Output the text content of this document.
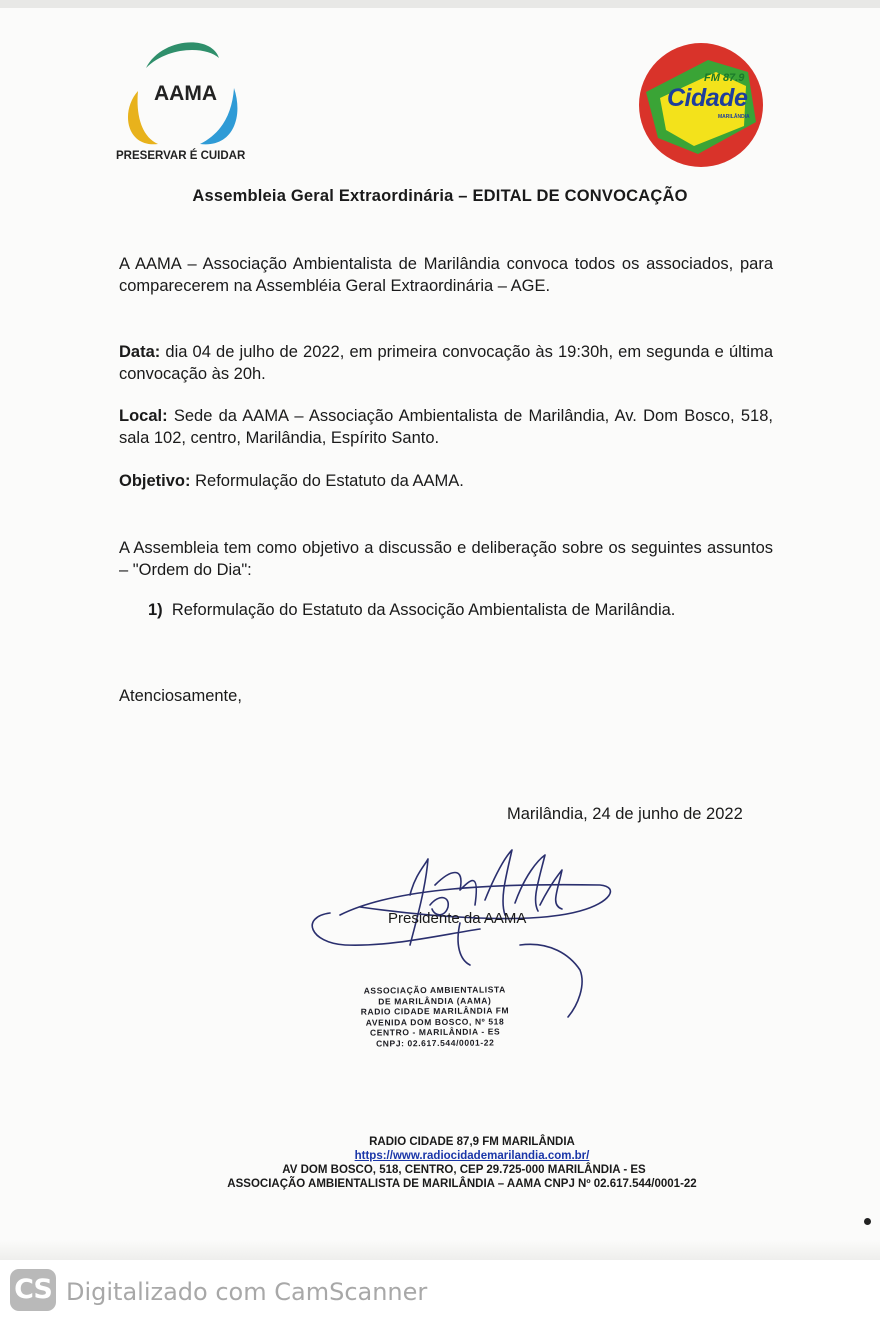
AAMA
PRESERVAR É CUIDAR
FM 87.9
Cidade
MARILÂNDIA
Assembleia Geral Extraordinária – EDITAL DE CONVOCAÇÃO
A AAMA – Associação Ambientalista de Marilândia convoca todos os associados, para comparecerem na Assembléia Geral Extraordinária – AGE.
Data: dia 04 de julho de 2022, em primeira convocação às 19:30h, em segunda e última convocação às 20h.
Local: Sede da AAMA – Associação Ambientalista de Marilândia, Av. Dom Bosco, 518, sala 102, centro, Marilândia, Espírito Santo.
Objetivo: Reformulação do Estatuto da AAMA.
A Assembleia tem como objetivo a discussão e deliberação sobre os seguintes assuntos – "Ordem do Dia":
1) Reformulação do Estatuto da Associção Ambientalista de Marilândia.
Atenciosamente,
Marilândia, 24 de junho de 2022
Presidente da AAMA
ASSOCIAÇÃO AMBIENTALISTA
DE MARILÂNDIA (AAMA)
RADIO CIDADE MARILÂNDIA FM
AVENIDA DOM BOSCO, Nº 518
CENTRO - MARILÂNDIA - ES
CNPJ: 02.617.544/0001-22
RADIO CIDADE 87,9 FM MARILÂNDIA
https://www.radiocidademarilandia.com.br/
AV DOM BOSCO, 518, CENTRO, CEP 29.725-000 MARILÂNDIA - ES
ASSOCIAÇÃO AMBIENTALISTA DE MARILÂNDIA – AAMA CNPJ Nº 02.617.544/0001-22
CS Digitalizado com CamScanner
